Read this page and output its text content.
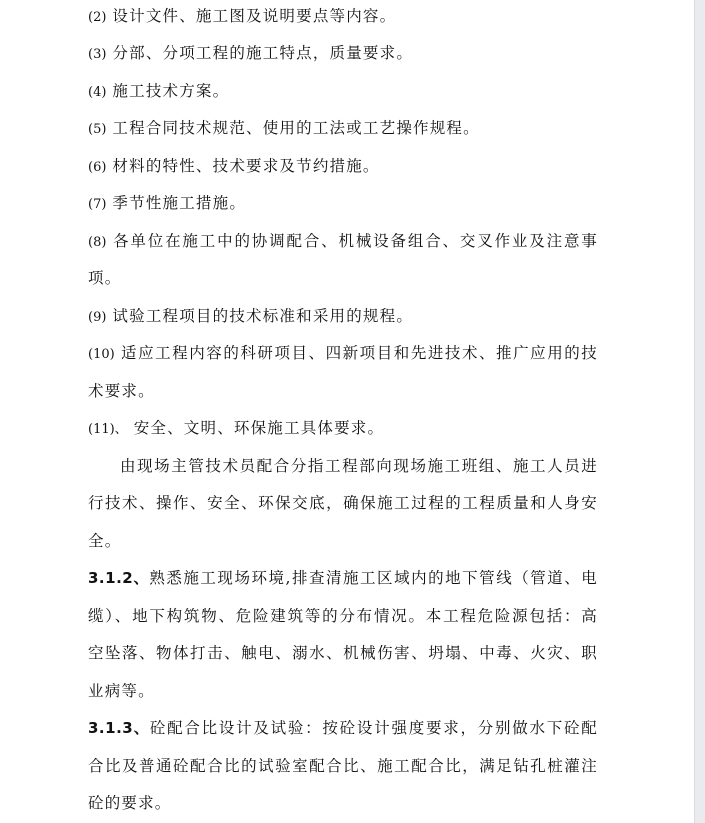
(2) 设计文件、施工图及说明要点等内容。
(3) 分部、分项工程的施工特点，质量要求。
(4) 施工技术方案。
(5) 工程合同技术规范、使用的工法或工艺操作规程。
(6) 材料的特性、技术要求及节约措施。
(7) 季节性施工措施。
(8) 各单位在施工中的协调配合、机械设备组合、交叉作业及注意事
项。
(9) 试验工程项目的技术标准和采用的规程。
(10) 适应工程内容的科研项目、四新项目和先进技术、推广应用的技
术要求。
(11)、 安全、文明、环保施工具体要求。
由现场主管技术员配合分指工程部向现场施工班组、施工人员进
行技术、操作、安全、环保交底，确保施工过程的工程质量和人身安
全。
3.1.2、熟悉施工现场环境,排查清施工区域内的地下管线（管道、电
缆）、地下构筑物、危险建筑等的分布情况。本工程危险源包括：高
空坠落、物体打击、触电、溺水、机械伤害、坍塌、中毒、火灾、职
业病等。
3.1.3、砼配合比设计及试验：按砼设计强度要求，分别做水下砼配
合比及普通砼配合比的试验室配合比、施工配合比，满足钻孔桩灌注
砼的要求。
